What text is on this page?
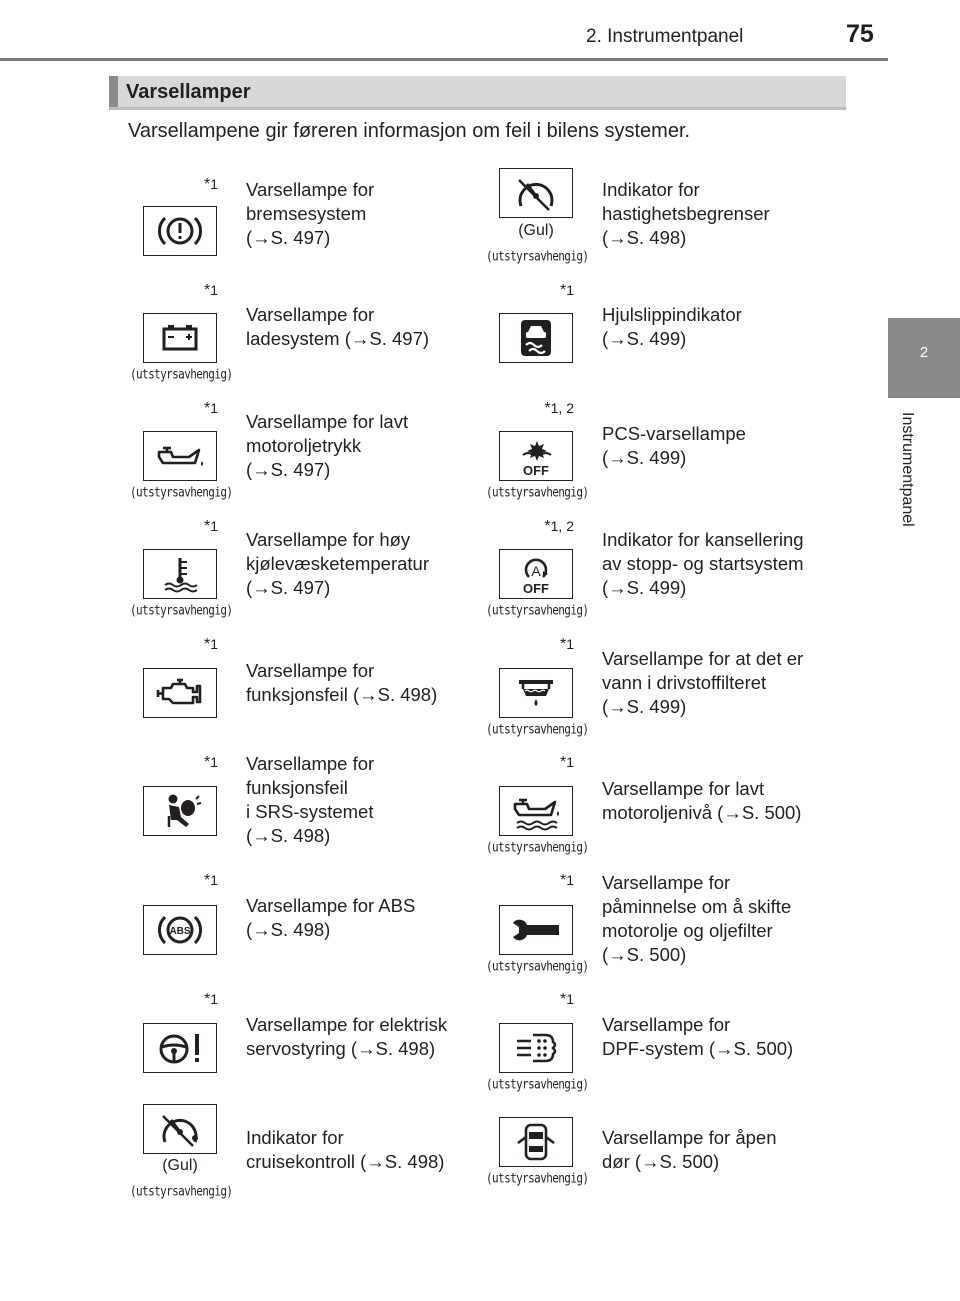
2. Instrumentpanel	75
2
Instrumentpanel
Varsellamper
Varsellampene gir føreren informasjon om feil i bilens systemer.
*$^1$ Varsellampe for
bremsesystem
(→S. 497)
*$^1$
(utstyrsavhengig)
Varsellampe for
ladesystem (→S. 497)
*$^1$
(utstyrsavhengig)
Varsellampe for lavt
motoroljetrykk
(→S. 497)
*$^1$
(utstyrsavhengig)
Varsellampe for høy
kjølevæsketemperatur
(→S. 497)
*$^1$
Varsellampe for
funksjonsfeil (→S. 498)
*$^1$ Varsellampe for
funksjonsfeil
i SRS-systemet
(→S. 498)
*$^1$
ABS
Varsellampe for ABS
(→S. 498)
*$^1$
Varsellampe for elektrisk
servostyring (→S. 498)
(Gul)
(utstyrsavhengig)
Indikator for
cruisekontroll (→S. 498)
(Gul)
(utstyrsavhengig)
Indikator for
hastighetsbegrenser
(→S. 498)
*$^1$
Hjulslippindikator
(→S. 499)
*$^{1, 2}$
OFF
(utstyrsavhengig)
PCS-varsellampe
(→S. 499)
*$^{1, 2}$
A
OFF
(utstyrsavhengig)
Indikator for kansellering
av stopp- og startsystem
(→S. 499)
*$^1$
(utstyrsavhengig)
Varsellampe for at det er
vann i drivstoffilteret
(→S. 499)
*$^1$
(utstyrsavhengig)
Varsellampe for lavt
motoroljenivå (→S. 500)
*$^1$
(utstyrsavhengig)
Varsellampe for
påminnelse om å skifte
motorolje og oljefilter
(→S. 500)
*$^1$
(utstyrsavhengig)
Varsellampe for
DPF-system (→S. 500)
(utstyrsavhengig)
Varsellampe for åpen
dør (→S. 500)
